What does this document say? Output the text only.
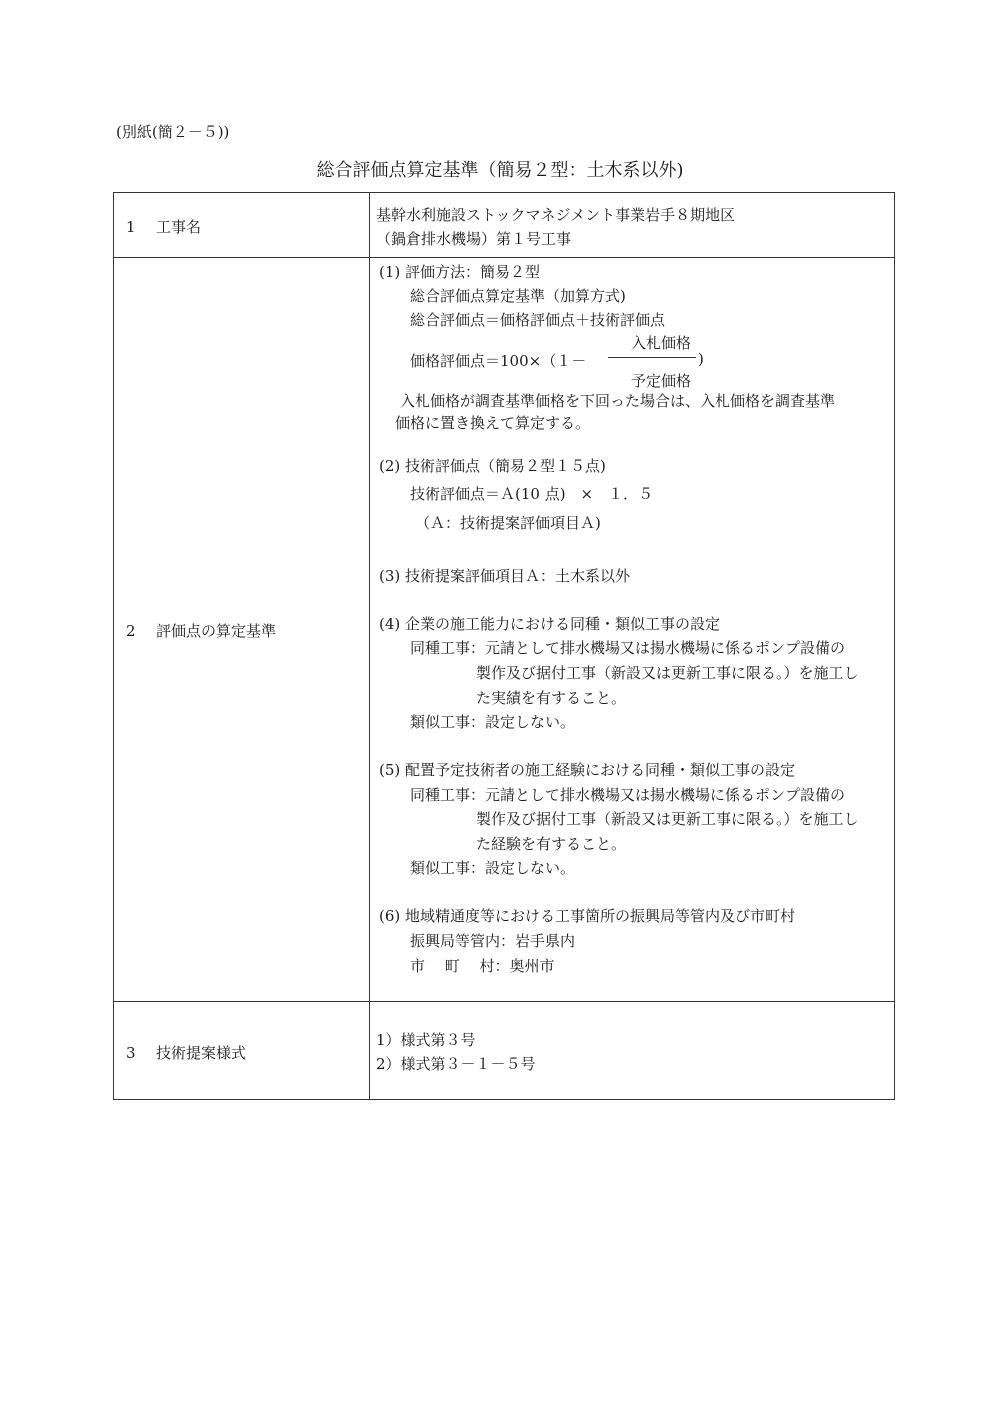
(別紙(簡２－５))
総合評価点算定基準（簡易２型：土木系以外)
1 工事名
基幹水利施設ストックマネジメント事業岩手８期地区
（鍋倉排水機場）第１号工事
2 評価点の算定基準
(1) 評価方法：簡易２型
総合評価点算定基準（加算方式)
総合評価点＝価格評価点＋技術評価点
価格評価点＝100×（１－
入札価格
予定価格
)
入札価格が調査基準価格を下回った場合は、入札価格を調査基準
価格に置き換えて算定する。
(2) 技術評価点（簡易２型１５点)
技術評価点＝Ａ(10 点)　×　１．５
（Ａ：技術提案評価項目Ａ)
(3) 技術提案評価項目Ａ：土木系以外
(4) 企業の施工能力における同種・類似工事の設定
同種工事：元請として排水機場又は揚水機場に係るポンプ設備の
製作及び据付工事（新設又は更新工事に限る。）を施工し
た実績を有すること。
類似工事：設定しない。
(5) 配置予定技術者の施工経験における同種・類似工事の設定
同種工事：元請として排水機場又は揚水機場に係るポンプ設備の
製作及び据付工事（新設又は更新工事に限る。）を施工し
た経験を有すること。
類似工事：設定しない。
(6) 地域精通度等における工事箇所の振興局等管内及び市町村
振興局等管内：岩手県内
市　 町　 村：奥州市
3 技術提案様式
1）様式第３号
2）様式第３－１－５号
